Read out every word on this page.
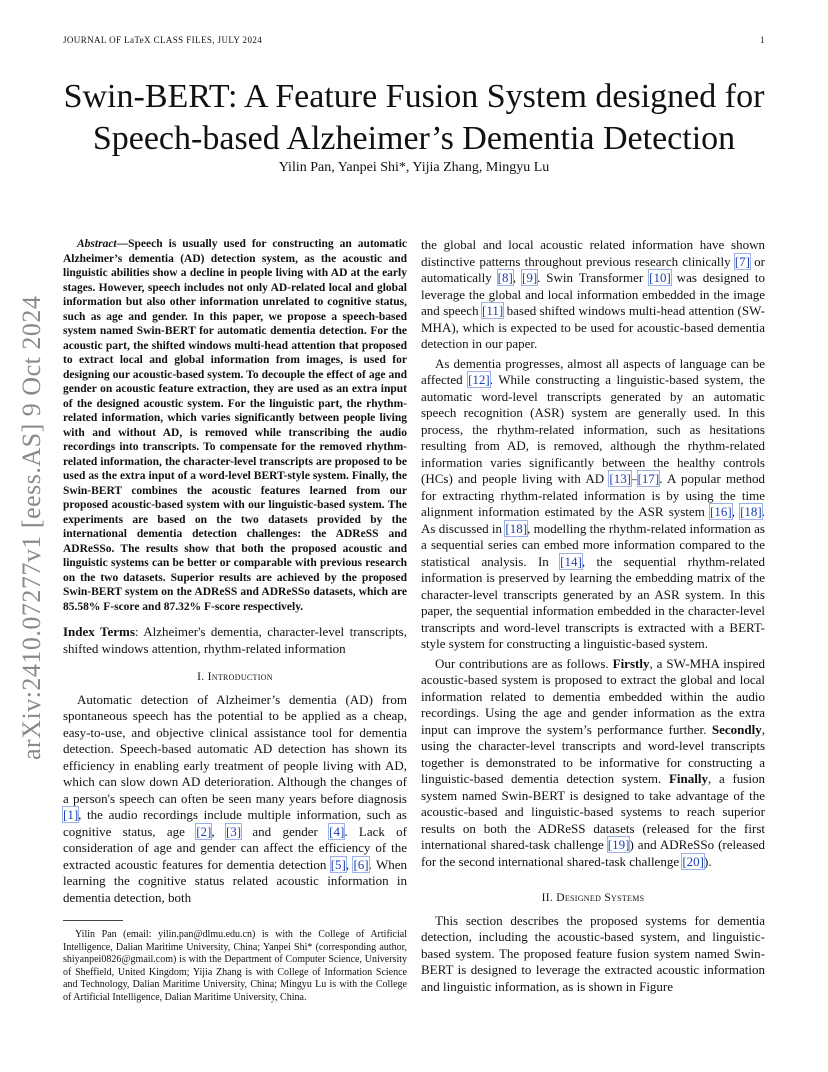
JOURNAL OF LaTeX CLASS FILES, JULY 2024	1
arXiv:2410.07277v1 [eess.AS] 9 Oct 2024
Swin-BERT: A Feature Fusion System designed for
Speech-based Alzheimer’s Dementia Detection
Yilin Pan, Yanpei Shi*, Yijia Zhang, Mingyu Lu

Abstract—Speech is usually used for constructing an automatic Alzheimer’s dementia (AD) detection system, as the acoustic and linguistic abilities show a decline in people living with AD at the early stages. However, speech includes not only AD-related local and global information but also other information unrelated to cognitive status, such as age and gender. In this paper, we propose a speech-based system named Swin-BERT for automatic dementia detection. For the acoustic part, the shifted windows multi-head attention that proposed to extract local and global information from images, is used for designing our acoustic-based system. To decouple the effect of age and gender on acoustic feature extraction, they are used as an extra input of the designed acoustic system. For the linguistic part, the rhythm-related information, which varies significantly between people living with and without AD, is removed while transcribing the audio recordings into transcripts. To compensate for the removed rhythm-related information, the character-level transcripts are proposed to be used as the extra input of a word-level BERT-style system. Finally, the Swin-BERT combines the acoustic features learned from our proposed acoustic-based system with our linguistic-based system. The experiments are based on the two datasets provided by the international dementia detection challenges: the ADReSS and ADReSSo. The results show that both the proposed acoustic and linguistic systems can be better or comparable with previous research on the two datasets. Superior results are achieved by the proposed Swin-BERT system on the ADReSS and ADReSSo datasets, which are 85.58% F-score and 87.32% F-score respectively.

Index Terms: Alzheimer's dementia, character-level transcripts, shifted windows attention, rhythm-related information

I. Introduction

Automatic detection of Alzheimer’s dementia (AD) from spontaneous speech has the potential to be applied as a cheap, easy-to-use, and objective clinical assistance tool for dementia detection. Speech-based automatic AD detection has shown its efficiency in enabling early treatment of people living with AD, which can slow down AD deterioration. Although the changes of a person's speech can often be seen many years before diagnosis [1], the audio recordings include multiple information, such as cognitive status, age [2], [3] and gender [4]. Lack of consideration of age and gender can affect the efficiency of the extracted acoustic features for dementia detection [5], [6]. When learning the cognitive status related acoustic information in dementia detection, both

the global and local acoustic related information have shown distinctive patterns throughout previous research clinically [7] or automatically [8], [9]. Swin Transformer [10] was designed to leverage the global and local information embedded in the image and speech [11] based shifted windows multi-head attention (SW-MHA), which is expected to be used for acoustic-based dementia detection in our paper.

As dementia progresses, almost all aspects of language can be affected [12]. While constructing a linguistic-based system, the automatic word-level transcripts generated by an automatic speech recognition (ASR) system are generally used. In this process, the rhythm-related information, such as hesitations resulting from AD, is removed, although the rhythm-related information varies significantly between the healthy controls (HCs) and people living with AD [13]–[17]. A popular method for extracting rhythm-related information is by using the time alignment information estimated by the ASR system [16], [18]. As discussed in [18], modelling the rhythm-related information as a sequential series can embed more information compared to the statistical analysis. In [14], the sequential rhythm-related information is preserved by learning the embedding matrix of the character-level transcripts generated by an ASR system. In this paper, the sequential information embedded in the character-level transcripts and word-level transcripts is extracted with a BERT-style system for constructing a linguistic-based system.

Our contributions are as follows. Firstly, a SW-MHA inspired acoustic-based system is proposed to extract the global and local information related to dementia embedded within the audio recordings. Using the age and gender information as the extra input can improve the system’s performance further. Secondly, using the character-level transcripts and word-level transcripts together is demonstrated to be informative for constructing a linguistic-based dementia detection system. Finally, a fusion system named Swin-BERT is designed to take advantage of the acoustic-based and linguistic-based systems to reach superior results on both the ADReSS datasets (released for the first international shared-task challenge [19]) and ADReSSo (released for the second international shared-task challenge [20]).

II. Designed Systems

This section describes the proposed systems for dementia detection, including the acoustic-based system, and linguistic-based system. The proposed feature fusion system named Swin-BERT is designed to leverage the extracted acoustic information and linguistic information, as is shown in Figure

Yilin Pan (email: yilin.pan@dlmu.edu.cn) is with the College of Artificial Intelligence, Dalian Maritime University, China; Yanpei Shi* (corresponding author, shiyanpei0826@gmail.com) is with the Department of Computer Science, University of Sheffield, United Kingdom; Yijia Zhang is with College of Information Science and Technology, Dalian Maritime University, China; Mingyu Lu is with the College of Artificial Intelligence, Dalian Maritime University, China.
